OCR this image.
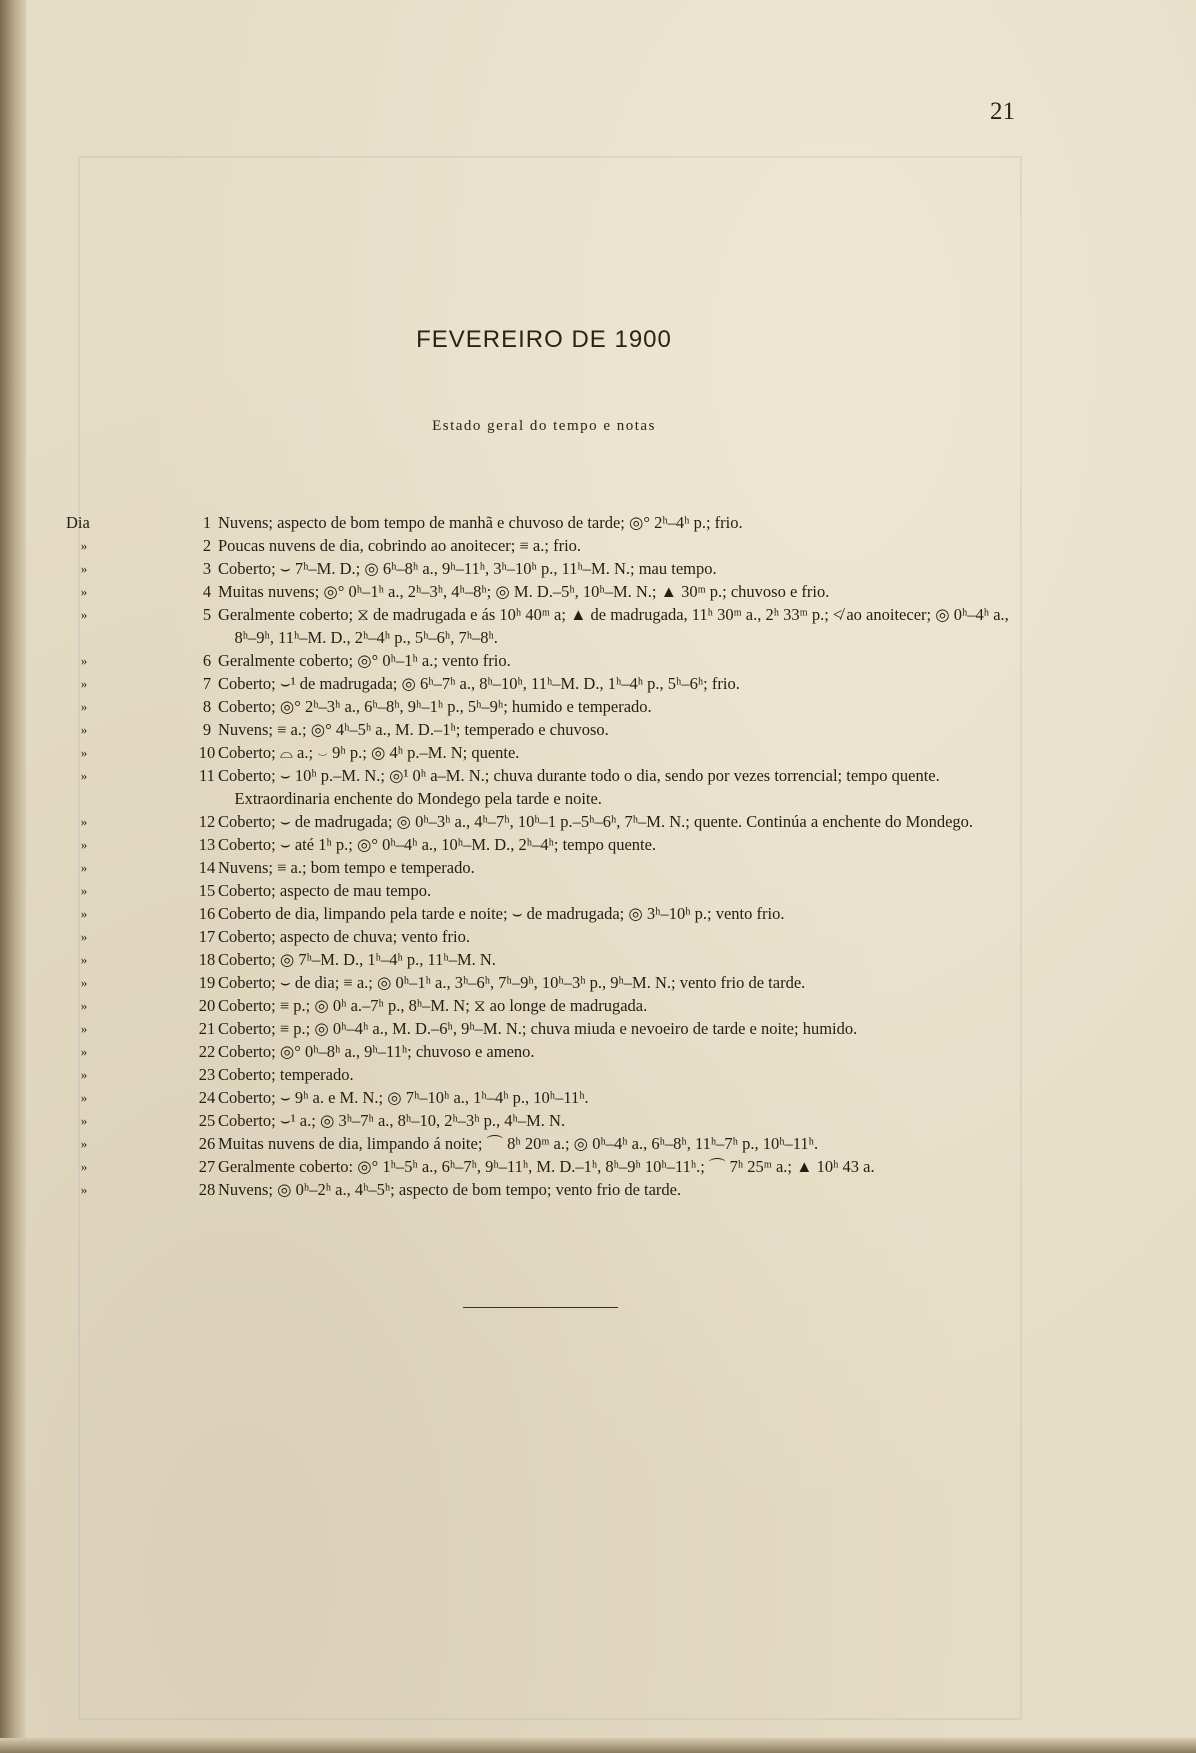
21
FEVEREIRO DE 1900
Estado geral do tempo e notas
Dia	1 Nuvens; aspecto de bom tempo de manhã e chuvoso de tarde; ◎° 2ʰ–4ʰ p.; frio.
»	2 Poucas nuvens de dia, cobrindo ao anoitecer; ≡ a.; frio.
»	3 Coberto; ⌣ 7ʰ–M. D.; ◎ 6ʰ–8ʰ a., 9ʰ–11ʰ, 3ʰ–10ʰ p., 11ʰ–M. N.; mau tempo.
»	4 Muitas nuvens; ◎° 0ʰ–1ʰ a., 2ʰ–3ʰ, 4ʰ–8ʰ; ◎ M. D.–5ʰ, 10ʰ–M. N.; ▲ 30ᵐ p.; chuvoso e frio.
»	5 Geralmente coberto; ⧖ de madrugada e ás 10ʰ 40ᵐ a; ▲ de madrugada, 11ʰ 30ᵐ a., 2ʰ 33ᵐ p.; ≮ ao anoitecer; ◎ 0ʰ–4ʰ a., 8ʰ–9ʰ, 11ʰ–M. D., 2ʰ–4ʰ p., 5ʰ–6ʰ, 7ʰ–8ʰ.
»	6 Geralmente coberto; ◎° 0ʰ–1ʰ a.; vento frio.
»	7 Coberto; ⌣¹ de madrugada; ◎ 6ʰ–7ʰ a., 8ʰ–10ʰ, 11ʰ–M. D., 1ʰ–4ʰ p., 5ʰ–6ʰ; frio.
»	8 Coberto; ◎° 2ʰ–3ʰ a., 6ʰ–8ʰ, 9ʰ–1ʰ p., 5ʰ–9ʰ; humido e temperado.
»	9 Nuvens; ≡ a.; ◎° 4ʰ–5ʰ a., M. D.–1ʰ; temperado e chuvoso.
»	10 Coberto; ⌓ a.; ⌣ 9ʰ p.; ◎ 4ʰ p.–M. N; quente.
»	11 Coberto; ⌣ 10ʰ p.–M. N.; ◎¹ 0ʰ a–M. N.; chuva durante todo o dia, sendo por vezes torrencial; tempo quente. Extraordinaria enchente do Mondego pela tarde e noite.
»	12 Coberto; ⌣ de madrugada; ◎ 0ʰ–3ʰ a., 4ʰ–7ʰ, 10ʰ–1 p.–5ʰ–6ʰ, 7ʰ–M. N.; quente. Continúa a enchente do Mondego.
»	13 Coberto; ⌣ até 1ʰ p.; ◎° 0ʰ–4ʰ a., 10ʰ–M. D., 2ʰ–4ʰ; tempo quente.
»	14 Nuvens; ≡ a.; bom tempo e temperado.
»	15 Coberto; aspecto de mau tempo.
»	16 Coberto de dia, limpando pela tarde e noite; ⌣ de madrugada; ◎ 3ʰ–10ʰ p.; vento frio.
»	17 Coberto; aspecto de chuva; vento frio.
»	18 Coberto; ◎ 7ʰ–M. D., 1ʰ–4ʰ p., 11ʰ–M. N.
»	19 Coberto; ⌣ de dia; ≡ a.; ◎ 0ʰ–1ʰ a., 3ʰ–6ʰ, 7ʰ–9ʰ, 10ʰ–3ʰ p., 9ʰ–M. N.; vento frio de tarde.
»	20 Coberto; ≡ p.; ◎ 0ʰ a.–7ʰ p., 8ʰ–M. N; ⧖ ao longe de madrugada.
»	21 Coberto; ≡ p.; ◎ 0ʰ–4ʰ a., M. D.–6ʰ, 9ʰ–M. N.; chuva miuda e nevoeiro de tarde e noite; humido.
»	22 Coberto; ◎° 0ʰ–8ʰ a., 9ʰ–11ʰ; chuvoso e ameno.
»	23 Coberto; temperado.
»	24 Coberto; ⌣ 9ʰ a. e M. N.; ◎ 7ʰ–10ʰ a., 1ʰ–4ʰ p., 10ʰ–11ʰ.
»	25 Coberto; ⌣¹ a.; ◎ 3ʰ–7ʰ a., 8ʰ–10, 2ʰ–3ʰ p., 4ʰ–M. N.
»	26 Muitas nuvens de dia, limpando á noite; ⌒ 8ʰ 20ᵐ a.; ◎ 0ʰ–4ʰ a., 6ʰ–8ʰ, 11ʰ–7ʰ p., 10ʰ–11ʰ.
»	27 Geralmente coberto: ◎° 1ʰ–5ʰ a., 6ʰ–7ʰ, 9ʰ–11ʰ, M. D.–1ʰ, 8ʰ–9ʰ 10ʰ–11ʰ.; ⌒ 7ʰ 25ᵐ a.; ▲ 10ʰ 43 a.
»	28 Nuvens; ◎ 0ʰ–2ʰ a., 4ʰ–5ʰ; aspecto de bom tempo; vento frio de tarde.
